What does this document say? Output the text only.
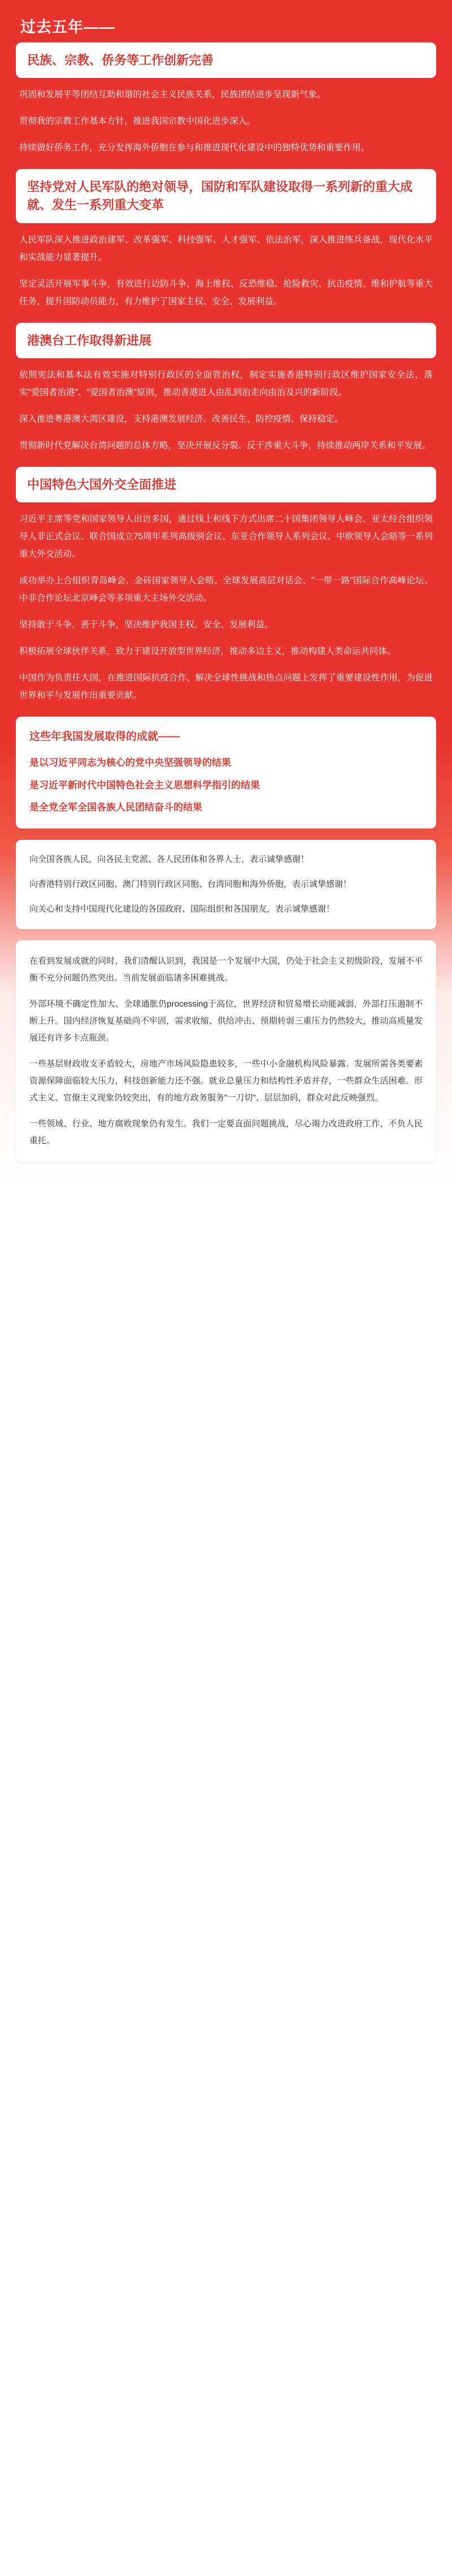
过去五年——
民族、宗教、侨务等工作创新完善

巩固和发展平等团结互助和谐的社会主义民族关系，民族团结进步呈现新气象。

贯彻我的宗教工作基本方针，推进我国宗教中国化进步深入。

持续做好侨务工作，充分发挥海外侨胞在参与和推进现代化建设中的独特优势和重要作用。

坚持党对人民军队的绝对领导，国防和军队建设取得一系列新的重大成就、发生一系列重大变革

人民军队深入推进政治建军、改革强军、科技强军、人才强军、依法治军，深入推进练兵备战，现代化水平和实战能力显著提升。

坚定灵活开展军事斗争，有效进行边防斗争、海上维权、反恐维稳、抢险救灾、抗击疫情、维和护航等重大任务，提升国防动员能力，有力维护了国家主权、安全、发展利益。

港澳台工作取得新进展

依照宪法和基本法有效实施对特别行政区的全面管治权，制定实施香港特别行政区维护国家安全法，落实"爱国者治港"、"爱国者治澳"原则，推动香港进入由乱到治走向由治及兴的新阶段。

深入推进粤港澳大湾区建设，支持港澳发展经济、改善民生、防控疫情、保持稳定。

贯彻新时代党解决台湾问题的总体方略，坚决开展反分裂、反干涉重大斗争，持续推动两岸关系和平发展。

中国特色大国外交全面推进

习近平主席等党和国家领导人出访多国，通过线上和线下方式出席二十国集团领导人峰会、亚太经合组织领导人非正式会议、联合国成立75周年系列高级别会议、东亚合作领导人系列会议、中欧领导人会晤等一系列重大外交活动。

成功举办上合组织青岛峰会、金砖国家领导人会晤、全球发展高层对话会、"一带一路"国际合作高峰论坛、中非合作论坛北京峰会等多项重大主场外交活动。

坚持敢于斗争、善于斗争，坚决维护我国主权、安全、发展利益。

积极拓展全球伙伴关系，致力于建设开放型世界经济，推动多边主义，推动构建人类命运共同体。

中国作为负责任大国，在推进国际抗疫合作、解决全球性挑战和热点问题上发挥了重要建设性作用，为促进世界和平与发展作出重要贡献。

这些年我国发展取得的成就——

是以习近平同志为核心的党中央坚强领导的结果

是习近平新时代中国特色社会主义思想科学指引的结果

是全党全军全国各族人民团结奋斗的结果

向全国各族人民，向各民主党派、各人民团体和各界人士，表示诚挚感谢！

向香港特别行政区同胞、澳门特别行政区同胞、台湾同胞和海外侨胞，表示诚挚感谢！

向关心和支持中国现代化建设的各国政府、国际组织和各国朋友，表示诚挚感谢！

在看到发展成就的同时，我们清醒认识到，我国是一个发展中大国，仍处于社会主义初级阶段，发展不平衡不充分问题仍然突出。当前发展面临诸多困难挑战。

外部环境不确定性加大、全球通胀仍processing于高位，世界经济和贸易增长动能减弱，外部打压遏制不断上升。国内经济恢复基础尚不牢固，需求收缩、供给冲击、预期转弱三重压力仍然较大，推动高质量发展还有许多卡点瓶颈。

一些基层财政收支矛盾较大，房地产市场风险隐患较多，一些中小金融机构风险暴露。发展所需各类要素资源保障面临较大压力，科技创新能力还不强。就业总量压力和结构性矛盾并存，一些群众生活困难。形式主义、官僚主义现象仍较突出，有的地方政务服务"一刀切"、层层加码，群众对此反映强烈。

一些领域、行业、地方腐败现象仍有发生。我们一定要直面问题挑战，尽心竭力改进政府工作，不负人民重托。
